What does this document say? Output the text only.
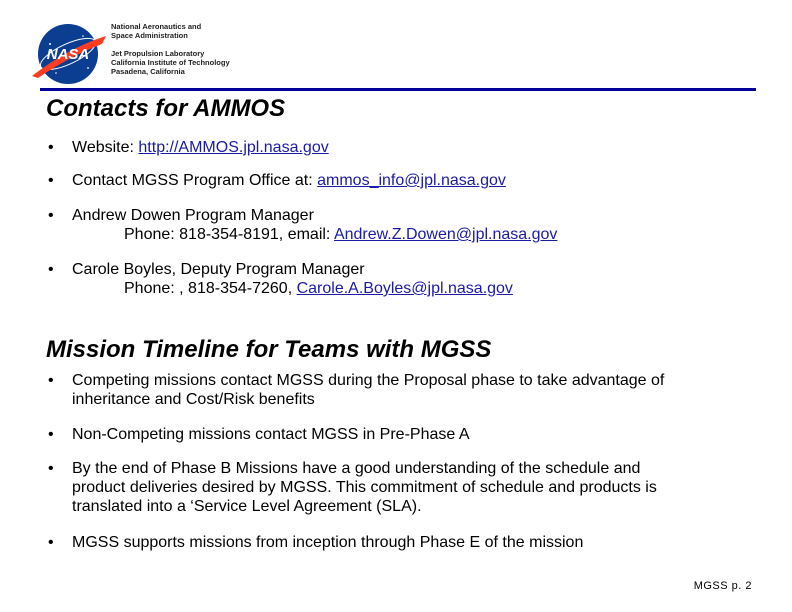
NASA
National Aeronautics and
Space Administration
Jet Propulsion Laboratory
California Institute of Technology
Pasadena, California
Contacts for AMMOS
• Website: http://AMMOS.jpl.nasa.gov
• Contact MGSS Program Office at: ammos_info@jpl.nasa.gov
• Andrew Dowen Program Manager
Phone: 818-354-8191, email: Andrew.Z.Dowen@jpl.nasa.gov
• Carole Boyles, Deputy Program Manager
Phone: , 818-354-7260, Carole.A.Boyles@jpl.nasa.gov
Mission Timeline for Teams with MGSS
• Competing missions contact MGSS during the Proposal phase to take advantage of
inheritance and Cost/Risk benefits
• Non-Competing missions contact MGSS in Pre-Phase A
• By the end of Phase B Missions have a good understanding of the schedule and
product deliveries desired by MGSS. This commitment of schedule and products is
translated into a ‘Service Level Agreement (SLA).
• MGSS supports missions from inception through Phase E of the mission
MGSS p. 2
